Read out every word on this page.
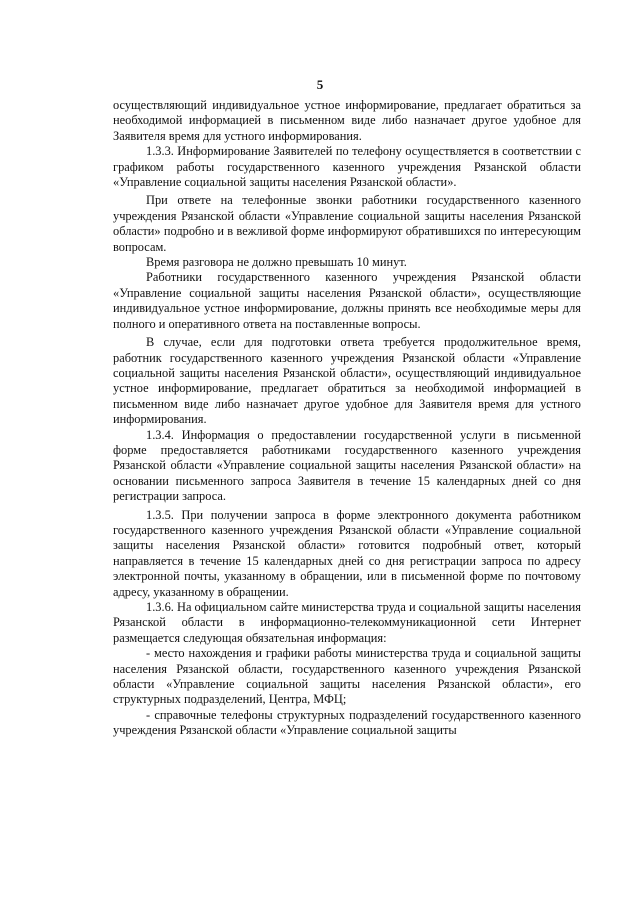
5

осуществляющий индивидуальное устное информирование, предлагает обратиться за необходимой информацией в письменном виде либо назначает другое удобное для Заявителя время для устного информирования.

1.3.3. Информирование Заявителей по телефону осуществляется в соответствии с графиком работы государственного казенного учреждения Рязанской области «Управление социальной защиты населения Рязанской области».

При ответе на телефонные звонки работники государственного казенного учреждения Рязанской области «Управление социальной защиты населения Рязанской области» подробно и в вежливой форме информируют обратившихся по интересующим вопросам.

Время разговора не должно превышать 10 минут.

Работники государственного казенного учреждения Рязанской области «Управление социальной защиты населения Рязанской области», осуществляющие индивидуальное устное информирование, должны принять все необходимые меры для полного и оперативного ответа на поставленные вопросы.

В случае, если для подготовки ответа требуется продолжительное время, работник государственного казенного учреждения Рязанской области «Управление социальной защиты населения Рязанской области», осуществляющий индивидуальное устное информирование, предлагает обратиться за необходимой информацией в письменном виде либо назначает другое удобное для Заявителя время для устного информирования.

1.3.4. Информация о предоставлении государственной услуги в письменной форме предоставляется работниками государственного казенного учреждения Рязанской области «Управление социальной защиты населения Рязанской области» на основании письменного запроса Заявителя в течение 15 календарных дней со дня регистрации запроса.

1.3.5. При получении запроса в форме электронного документа работником государственного казенного учреждения Рязанской области «Управление социальной защиты населения Рязанской области» готовится подробный ответ, который направляется в течение 15 календарных дней со дня регистрации запроса по адресу электронной почты, указанному в обращении, или в письменной форме по почтовому адресу, указанному в обращении.

1.3.6. На официальном сайте министерства труда и социальной защиты населения Рязанской области в информационно-телекоммуникационной сети Интернет размещается следующая обязательная информация:

- место нахождения и графики работы министерства труда и социальной защиты населения Рязанской области, государственного казенного учреждения Рязанской области «Управление социальной защиты населения Рязанской области», его структурных подразделений, Центра, МФЦ;

- справочные телефоны структурных подразделений государственного казенного учреждения Рязанской области «Управление социальной защиты
